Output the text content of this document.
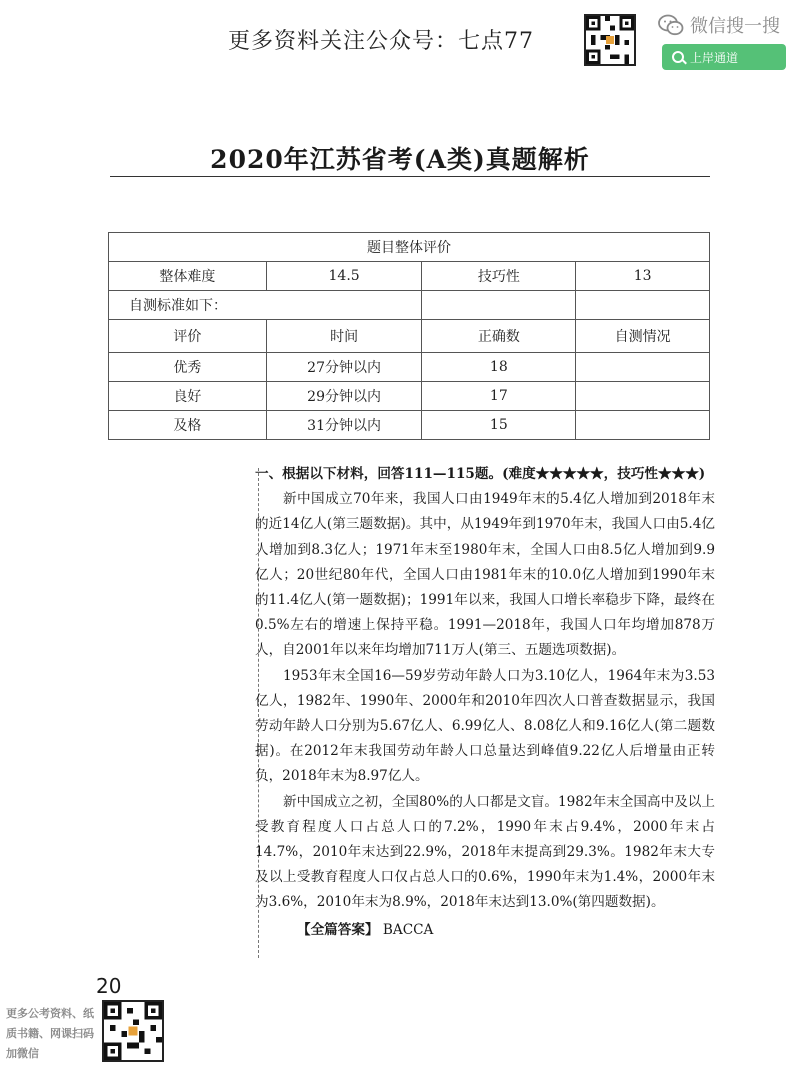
更多资料关注公众号：七点77
微信搜一搜
上岸通道
2020年江苏省考(A类)真题解析
题目整体评价			
整体难度	14.5	技巧性	13
自测标准如下：			
评价	时间	正确数	自测情况
优秀	27分钟以内	18	
良好	29分钟以内	17	
及格	31分钟以内	15	
一、根据以下材料，回答111—115题。(难度★★★★★，技巧性★★★)

新中国成立70年来，我国人口由1949年末的5.4亿人增加到2018年末的近14亿人(第三题数据)。其中，从1949年到1970年末，我国人口由5.4亿人增加到8.3亿人；1971年末至1980年末，全国人口由8.5亿人增加到9.9亿人；20世纪80年代，全国人口由1981年末的10.0亿人增加到1990年末的11.4亿人(第一题数据)；1991年以来，我国人口增长率稳步下降，最终在0.5%左右的增速上保持平稳。1991—2018年，我国人口年均增加878万人，自2001年以来年均增加711万人(第三、五题选项数据)。

1953年末全国16—59岁劳动年龄人口为3.10亿人，1964年末为3.53亿人，1982年、1990年、2000年和2010年四次人口普查数据显示，我国劳动年龄人口分别为5.67亿人、6.99亿人、8.08亿人和9.16亿人(第二题数据)。在2012年末我国劳动年龄人口总量达到峰值9.22亿人后增量由正转负，2018年末为8.97亿人。

新中国成立之初，全国80%的人口都是文盲。1982年末全国高中及以上受教育程度人口占总人口的7.2%，1990年末占9.4%，2000年末占14.7%，2010年末达到22.9%，2018年末提高到29.3%。1982年末大专及以上受教育程度人口仅占总人口的0.6%，1990年末为1.4%，2000年末为3.6%，2010年末为8.9%，2018年末达到13.0%(第四题数据)。

【全篇答案】 BACCA
20
更多公考资料、纸质书籍、网课扫码加微信
